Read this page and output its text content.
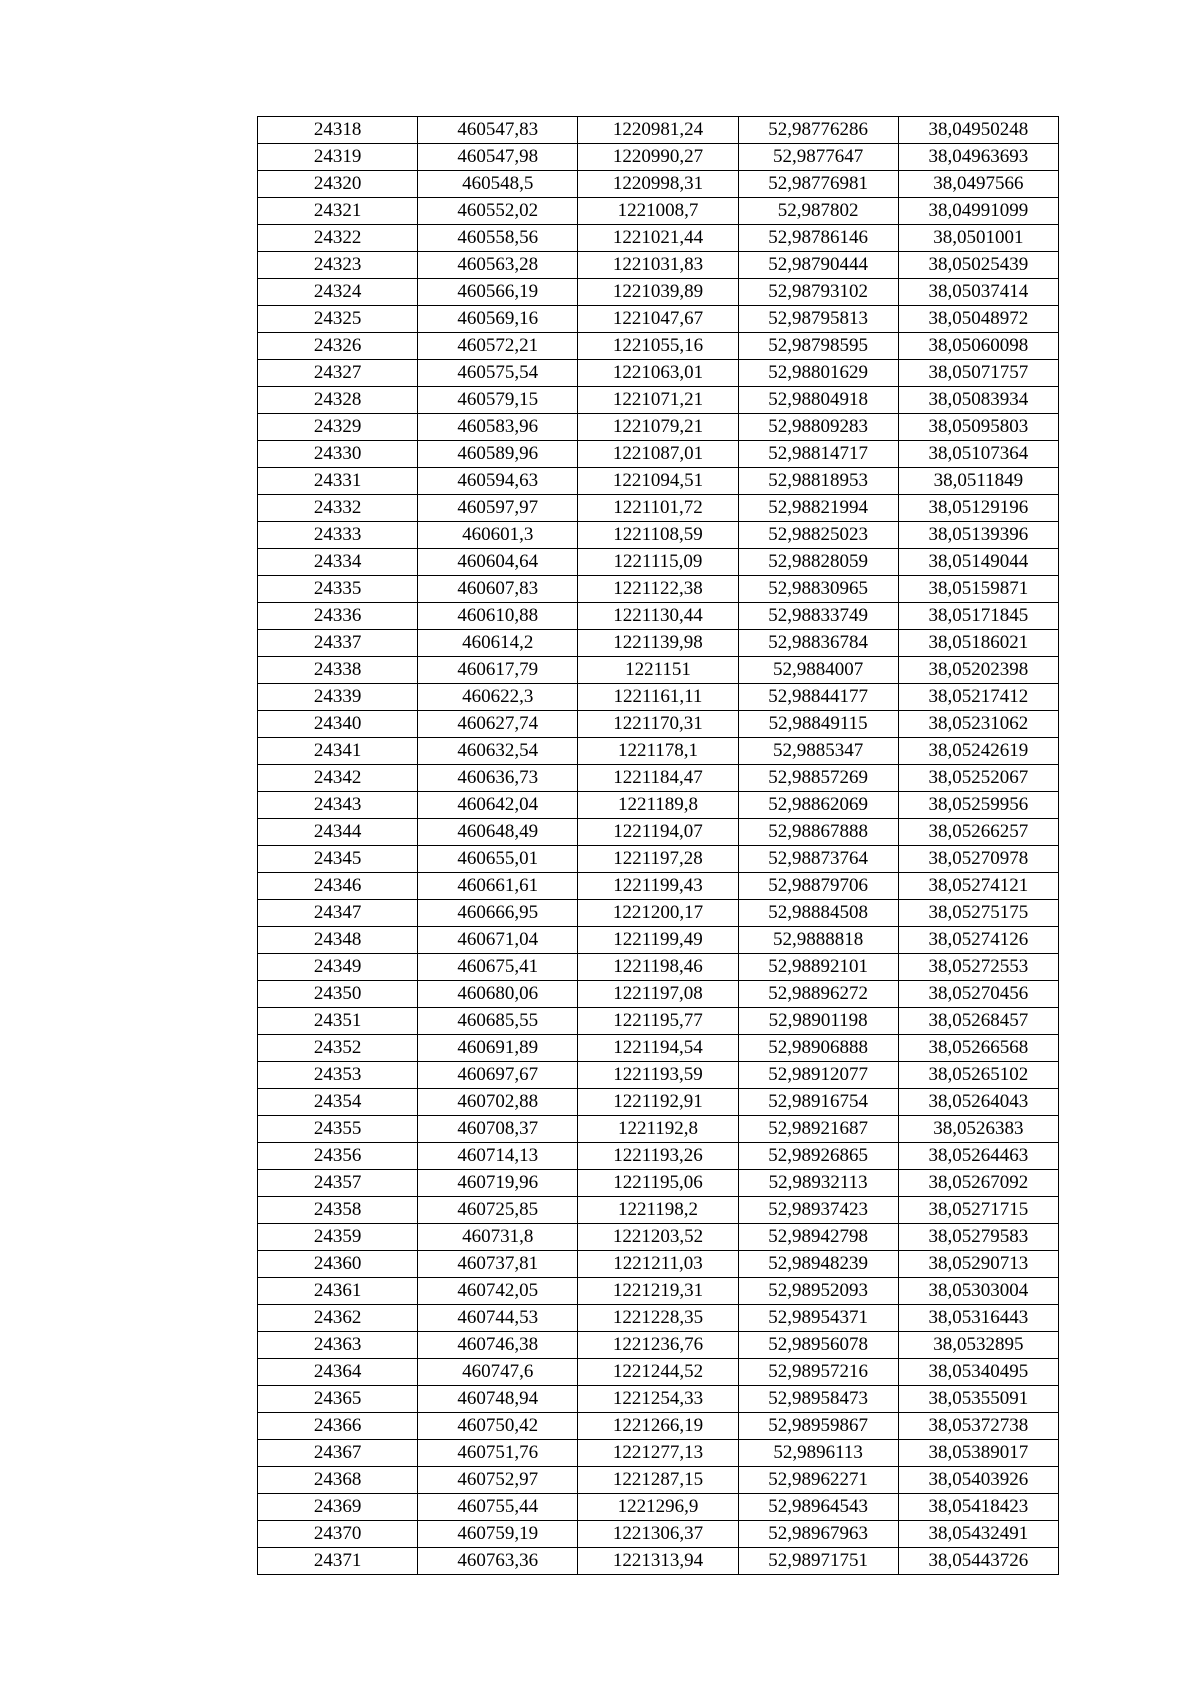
24318	460547,83	1220981,24	52,98776286	38,04950248
24319	460547,98	1220990,27	52,9877647	38,04963693
24320	460548,5	1220998,31	52,98776981	38,0497566
24321	460552,02	1221008,7	52,987802	38,04991099
24322	460558,56	1221021,44	52,98786146	38,0501001
24323	460563,28	1221031,83	52,98790444	38,05025439
24324	460566,19	1221039,89	52,98793102	38,05037414
24325	460569,16	1221047,67	52,98795813	38,05048972
24326	460572,21	1221055,16	52,98798595	38,05060098
24327	460575,54	1221063,01	52,98801629	38,05071757
24328	460579,15	1221071,21	52,98804918	38,05083934
24329	460583,96	1221079,21	52,98809283	38,05095803
24330	460589,96	1221087,01	52,98814717	38,05107364
24331	460594,63	1221094,51	52,98818953	38,0511849
24332	460597,97	1221101,72	52,98821994	38,05129196
24333	460601,3	1221108,59	52,98825023	38,05139396
24334	460604,64	1221115,09	52,98828059	38,05149044
24335	460607,83	1221122,38	52,98830965	38,05159871
24336	460610,88	1221130,44	52,98833749	38,05171845
24337	460614,2	1221139,98	52,98836784	38,05186021
24338	460617,79	1221151	52,9884007	38,05202398
24339	460622,3	1221161,11	52,98844177	38,05217412
24340	460627,74	1221170,31	52,98849115	38,05231062
24341	460632,54	1221178,1	52,9885347	38,05242619
24342	460636,73	1221184,47	52,98857269	38,05252067
24343	460642,04	1221189,8	52,98862069	38,05259956
24344	460648,49	1221194,07	52,98867888	38,05266257
24345	460655,01	1221197,28	52,98873764	38,05270978
24346	460661,61	1221199,43	52,98879706	38,05274121
24347	460666,95	1221200,17	52,98884508	38,05275175
24348	460671,04	1221199,49	52,9888818	38,05274126
24349	460675,41	1221198,46	52,98892101	38,05272553
24350	460680,06	1221197,08	52,98896272	38,05270456
24351	460685,55	1221195,77	52,98901198	38,05268457
24352	460691,89	1221194,54	52,98906888	38,05266568
24353	460697,67	1221193,59	52,98912077	38,05265102
24354	460702,88	1221192,91	52,98916754	38,05264043
24355	460708,37	1221192,8	52,98921687	38,0526383
24356	460714,13	1221193,26	52,98926865	38,05264463
24357	460719,96	1221195,06	52,98932113	38,05267092
24358	460725,85	1221198,2	52,98937423	38,05271715
24359	460731,8	1221203,52	52,98942798	38,05279583
24360	460737,81	1221211,03	52,98948239	38,05290713
24361	460742,05	1221219,31	52,98952093	38,05303004
24362	460744,53	1221228,35	52,98954371	38,05316443
24363	460746,38	1221236,76	52,98956078	38,0532895
24364	460747,6	1221244,52	52,98957216	38,05340495
24365	460748,94	1221254,33	52,98958473	38,05355091
24366	460750,42	1221266,19	52,98959867	38,05372738
24367	460751,76	1221277,13	52,9896113	38,05389017
24368	460752,97	1221287,15	52,98962271	38,05403926
24369	460755,44	1221296,9	52,98964543	38,05418423
24370	460759,19	1221306,37	52,98967963	38,05432491
24371	460763,36	1221313,94	52,98971751	38,05443726
